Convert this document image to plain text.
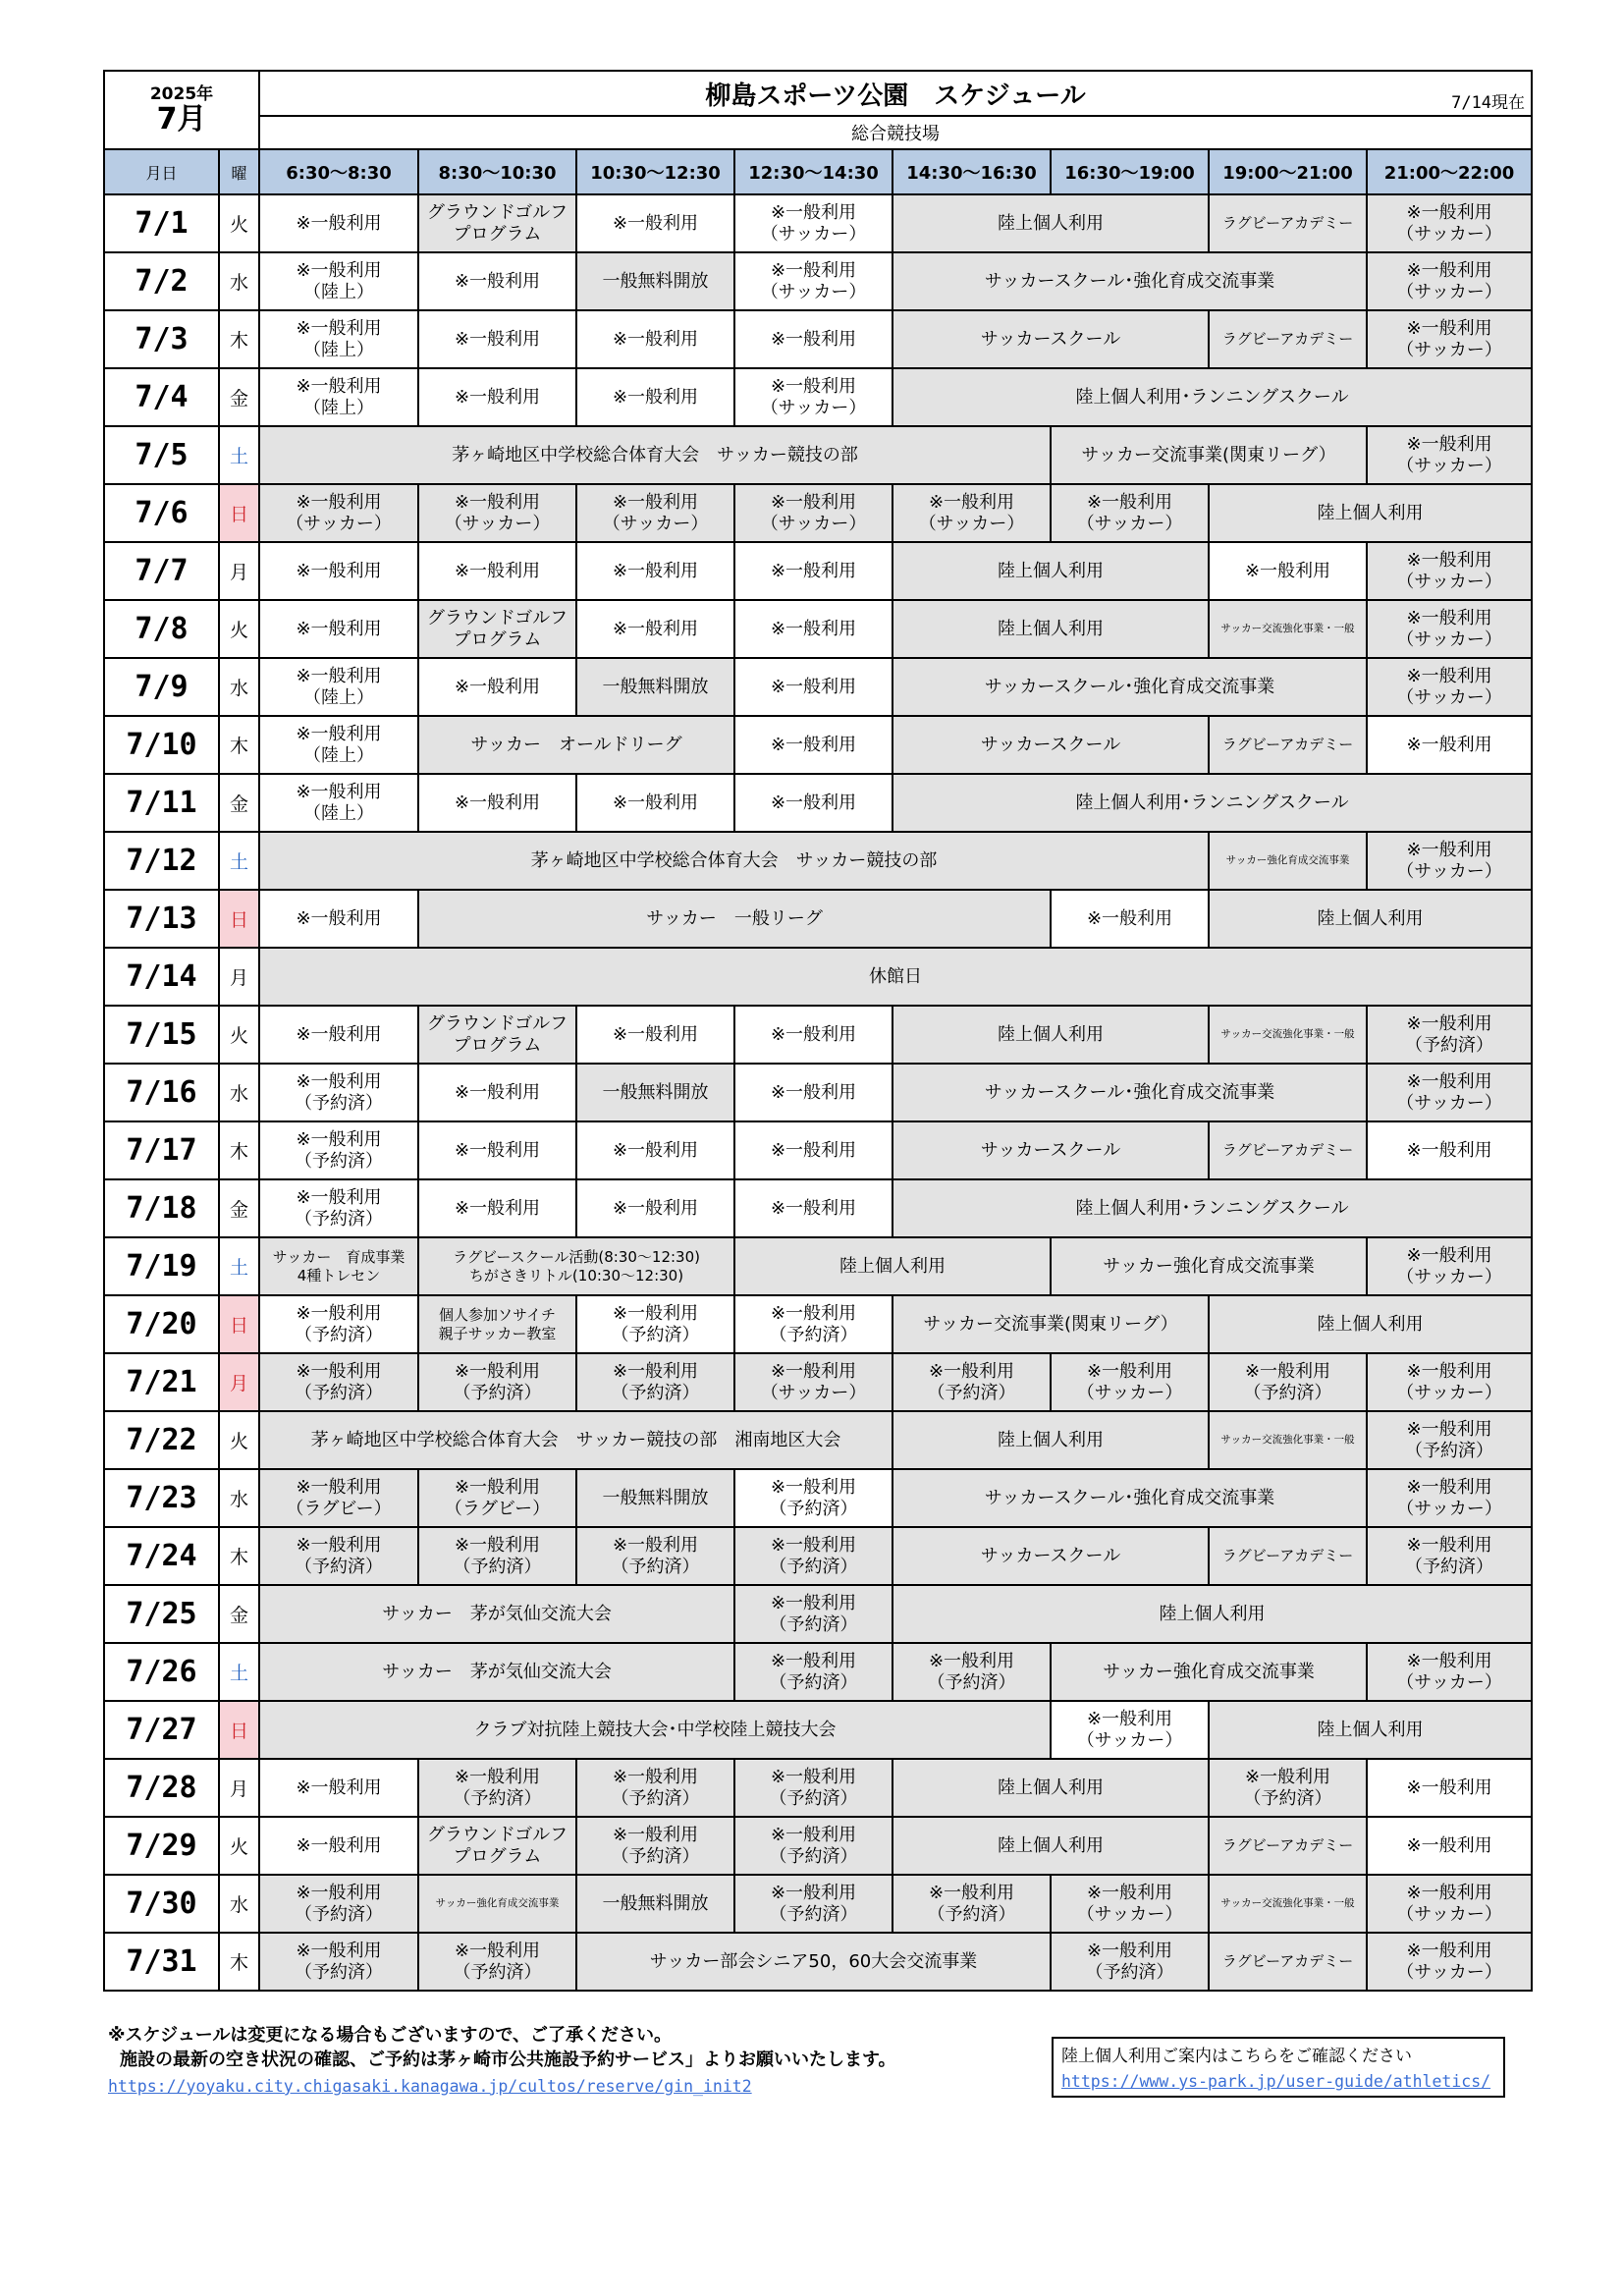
2025年
7月		柳島スポーツ公園　スケジュール 7/14現在							

		総合競技場							
月日	曜	6:30～8:30	8:30～10:30	10:30～12:30	12:30～14:30	14:30～16:30	16:30～19:00	19:00～21:00	21:00～22:00
7/1	火	※一般利用	グラウンドゴルフ
プログラム	※一般利用	※一般利用
（サッカー）	陸上個人利用		ラグビーアカデミー	※一般利用
（サッカー）
7/2	水	※一般利用
（陸上）	※一般利用	一般無料開放	※一般利用
（サッカー）	サッカースクール･強化育成交流事業			※一般利用
（サッカー）
7/3	木	※一般利用
（陸上）	※一般利用	※一般利用	※一般利用	サッカースクール		ラグビーアカデミー	※一般利用
（サッカー）
7/4	金	※一般利用
（陸上）	※一般利用	※一般利用	※一般利用
（サッカー）	陸上個人利用･ランニングスクール			
7/5	土	茅ヶ崎地区中学校総合体育大会　サッカー競技の部					サッカー交流事業(関東リーグ）		※一般利用
（サッカー）
7/6	日	※一般利用
（サッカー）	※一般利用
（サッカー）	※一般利用
（サッカー）	※一般利用
（サッカー）	※一般利用
（サッカー）	※一般利用
（サッカー）	陸上個人利用	
7/7	月	※一般利用	※一般利用	※一般利用	※一般利用	陸上個人利用		※一般利用	※一般利用
（サッカー）
7/8	火	※一般利用	グラウンドゴルフ
プログラム	※一般利用	※一般利用	陸上個人利用		サッカー交流強化事業・一般	※一般利用
（サッカー）
7/9	水	※一般利用
（陸上）	※一般利用	一般無料開放	※一般利用	サッカースクール･強化育成交流事業			※一般利用
（サッカー）
7/10	木	※一般利用
（陸上）	サッカー　オールドリーグ		※一般利用	サッカースクール		ラグビーアカデミー	※一般利用
7/11	金	※一般利用
（陸上）	※一般利用	※一般利用	※一般利用	陸上個人利用･ランニングスクール			
7/12	土	茅ヶ崎地区中学校総合体育大会　サッカー競技の部						サッカー強化育成交流事業	※一般利用
（サッカー）
7/13	日	※一般利用	サッカー　一般リーグ				※一般利用	陸上個人利用	
7/14	月	休館日							
7/15	火	※一般利用	グラウンドゴルフ
プログラム	※一般利用	※一般利用	陸上個人利用		サッカー交流強化事業・一般	※一般利用
（予約済）
7/16	水	※一般利用
（予約済）	※一般利用	一般無料開放	※一般利用	サッカースクール･強化育成交流事業			※一般利用
（サッカー）
7/17	木	※一般利用
（予約済）	※一般利用	※一般利用	※一般利用	サッカースクール		ラグビーアカデミー	※一般利用
7/18	金	※一般利用
（予約済）	※一般利用	※一般利用	※一般利用	陸上個人利用･ランニングスクール			
7/19	土	サッカー　育成事業
4種トレセン	ラグビースクール活動(8:30～12:30)
ちがさきリトル(10:30～12:30)		陸上個人利用		サッカー強化育成交流事業		※一般利用
（サッカー）
7/20	日	※一般利用
（予約済）	個人参加ソサイチ
親子サッカー教室	※一般利用
（予約済）	※一般利用
（予約済）	サッカー交流事業(関東リーグ）		陸上個人利用	
7/21	月	※一般利用
（予約済）	※一般利用
（予約済）	※一般利用
（予約済）	※一般利用
（サッカー）	※一般利用
（予約済）	※一般利用
（サッカー）	※一般利用
（予約済）	※一般利用
（サッカー）
7/22	火	茅ヶ崎地区中学校総合体育大会　サッカー競技の部　湘南地区大会				陸上個人利用		サッカー交流強化事業・一般	※一般利用
（予約済）
7/23	水	※一般利用
（ラグビー）	※一般利用
（ラグビー）	一般無料開放	※一般利用
（予約済）	サッカースクール･強化育成交流事業			※一般利用
（サッカー）
7/24	木	※一般利用
（予約済）	※一般利用
（予約済）	※一般利用
（予約済）	※一般利用
（予約済）	サッカースクール		ラグビーアカデミー	※一般利用
（予約済）
7/25	金	サッカー　茅が気仙交流大会			※一般利用
（予約済）	陸上個人利用			
7/26	土	サッカー　茅が気仙交流大会			※一般利用
（予約済）	※一般利用
（予約済）	サッカー強化育成交流事業		※一般利用
（サッカー）
7/27	日	クラブ対抗陸上競技大会･中学校陸上競技大会					※一般利用
（サッカー）	陸上個人利用	
7/28	月	※一般利用	※一般利用
（予約済）	※一般利用
（予約済）	※一般利用
（予約済）	陸上個人利用		※一般利用
（予約済）	※一般利用
7/29	火	※一般利用	グラウンドゴルフ
プログラム	※一般利用
（予約済）	※一般利用
（予約済）	陸上個人利用		ラグビーアカデミー	※一般利用
7/30	水	※一般利用
（予約済）	サッカー強化育成交流事業	一般無料開放	※一般利用
（予約済）	※一般利用
（予約済）	※一般利用
（サッカー）	サッカー交流強化事業・一般	※一般利用
（サッカー）
7/31	木	※一般利用
（予約済）	※一般利用
（予約済）	サッカー部会シニア50，60大会交流事業			※一般利用
（予約済）	ラグビーアカデミー	※一般利用
（サッカー）
※スケジュールは変更になる場合もございますので、ご了承ください。
施設の最新の空き状況の確認、ご予約は茅ヶ崎市公共施設予約サービス」よりお願いいたします。
https://yoyaku.city.chigasaki.kanagawa.jp/cultos/reserve/gin_init2
陸上個人利用ご案内はこちらをご確認ください
https://www.ys-park.jp/user-guide/athletics/
